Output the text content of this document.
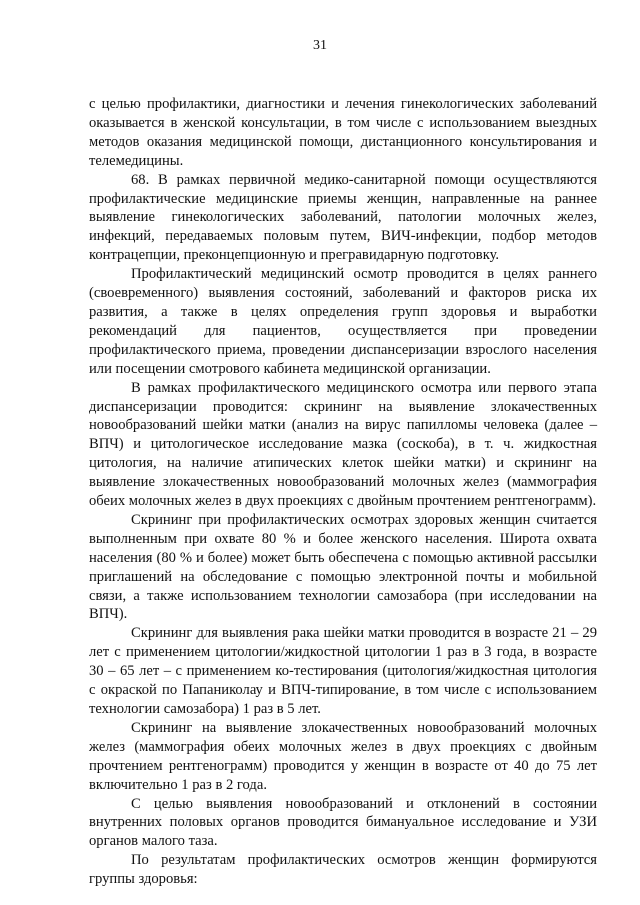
31

с целью профилактики, диагностики и лечения гинекологических заболеваний оказывается в женской консультации, в том числе с использованием выездных методов оказания медицинской помощи, дистанционного консультирования и телемедицины.

68. В рамках первичной медико-санитарной помощи осуществляются профилактические медицинские приемы женщин, направленные на раннее выявление гинекологических заболеваний, патологии молочных желез, инфекций, передаваемых половым путем, ВИЧ-инфекции, подбор методов контрацепции, преконцепционную и прегравидарную подготовку.

Профилактический медицинский осмотр проводится в целях раннего (своевременного) выявления состояний, заболеваний и факторов риска их развития, а также в целях определения групп здоровья и выработки рекомендаций для пациентов, осуществляется при проведении профилактического приема, проведении диспансеризации взрослого населения или посещении смотрового кабинета медицинской организации.

В рамках профилактического медицинского осмотра или первого этапа диспансеризации проводится: скрининг на выявление злокачественных новообразований шейки матки (анализ на вирус папилломы человека (далее – ВПЧ) и цитологическое исследование мазка (соскоба), в т. ч. жидкостная цитология, на наличие атипических клеток шейки матки) и скрининг на выявление злокачественных новообразований молочных желез (маммография обеих молочных желез в двух проекциях с двойным прочтением рентгенограмм).

Скрининг при профилактических осмотрах здоровых женщин считается выполненным при охвате 80 % и более женского населения. Широта охвата населения (80 % и более) может быть обеспечена с помощью активной рассылки приглашений на обследование с помощью электронной почты и мобильной связи, а также использованием технологии самозабора (при исследовании на ВПЧ).

Скрининг для выявления рака шейки матки проводится в возрасте 21 – 29 лет с применением цитологии/жидкостной цитологии 1 раз в 3 года, в возрасте 30 – 65 лет – с применением ко-тестирования (цитология/жидкостная цитология с окраской по Папаниколау и ВПЧ-типирование, в том числе с использованием технологии самозабора) 1 раз в 5 лет.

Скрининг на выявление злокачественных новообразований молочных желез (маммография обеих молочных желез в двух проекциях с двойным прочтением рентгенограмм) проводится у женщин в возрасте от 40 до 75 лет включительно 1 раз в 2 года.

С целью выявления новообразований и отклонений в состоянии внутренних половых органов проводится бимануальное исследование и УЗИ органов малого таза.

По результатам профилактических осмотров женщин формируются группы здоровья:
